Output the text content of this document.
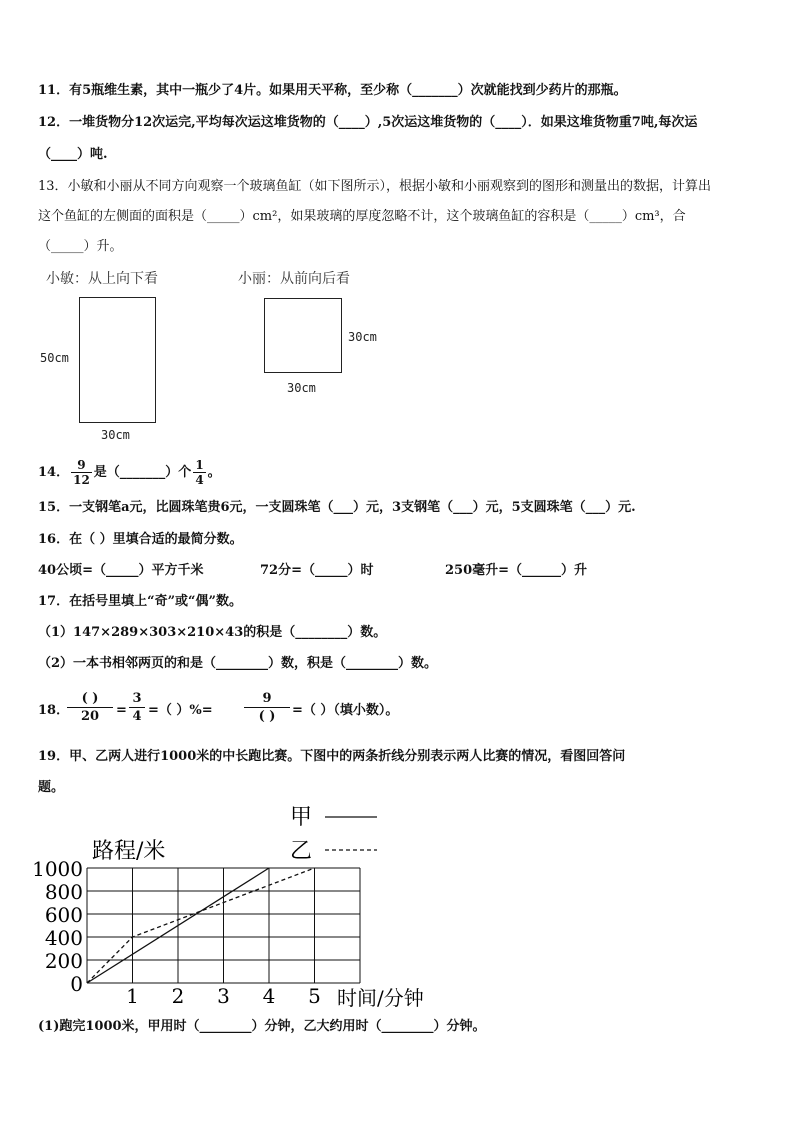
11．有5瓶维生素，其中一瓶少了4片。如果用天平称，至少称（_______）次就能找到少药片的那瓶。
12．一堆货物分12次运完,平均每次运这堆货物的（____）,5次运这堆货物的（____）．如果这堆货物重7吨,每次运
（____）吨.
13．小敏和小丽从不同方向观察一个玻璃鱼缸（如下图所示），根据小敏和小丽观察到的图形和测量出的数据，计算出
这个鱼缸的左侧面的面积是（_____）cm²，如果玻璃的厚度忽略不计，这个玻璃鱼缸的容积是（_____）cm³，合
（_____）升。
小敏：从上向下看	小丽：从前向后看
50cm
30cm
30cm
30cm
14． $\frac{9}{12}$ 是（_______）个 $\frac{1}{4}$ 。
15．一支钢笔a元，比圆珠笔贵6元，一支圆珠笔（___）元，3支钢笔（___）元，5支圆珠笔（___）元.
16．在（ ）里填合适的最简分数。
40公顷=（_____）平方千米	72分=（_____）时	250毫升=（______）升
17．在括号里填上“奇”或“偶”数。
（1）147×289×303×210×43的积是（________）数。
（2）一本书相邻两页的和是（________）数，积是（________）数。
18．
( )
20	= $\frac{3}{4}$ =（ ）%=
9
( )	=（ ）（填小数）。
19．甲、乙两人进行1000米的中长跑比赛。下图中的两条折线分别表示两人比赛的情况，看图回答问
题。
路程/米
时间/分钟
甲
乙
0
200
400
600
800
1000
1 2 3 4 5
(1)跑完1000米，甲用时（________）分钟，乙大约用时（________）分钟。
